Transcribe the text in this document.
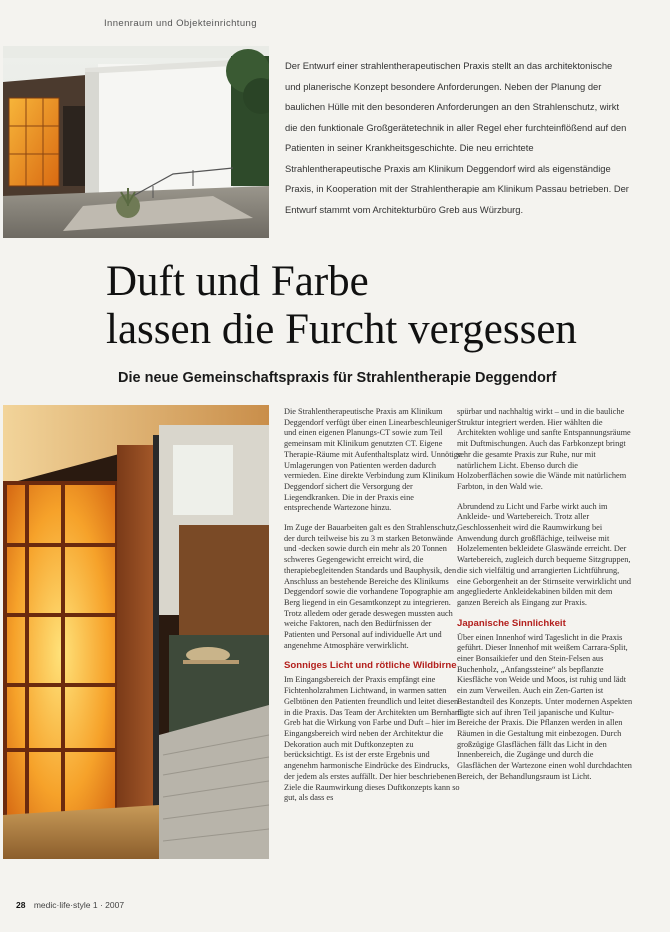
Innenraum und Objekteinrichtung

Der Entwurf einer strahlentherapeutischen Praxis stellt an das architektonische und planerische Konzept besondere Anforderungen. Neben der Planung der baulichen Hülle mit den besonderen Anforderungen an den Strahlenschutz, wirkt die den funktionale Großgerätetechnik in aller Regel eher furchteinflößend auf den Patienten in seiner Krankheitsgeschichte. Die neu errichtete Strahlentherapeutische Praxis am Klinikum Deggendorf wird als eigenständige Praxis, in Kooperation mit der Strahlentherapie am Klinikum Passau betrieben. Der Entwurf stammt vom Architekturbüro Greb aus Würzburg.

Duft und Farbe
lassen die Furcht vergessen
Die neue Gemeinschaftspraxis für Strahlentherapie Deggendorf

Die Strahlentherapeutische Praxis am Klinikum Deggendorf verfügt über einen Linearbeschleuniger und einen eigenen Planungs-CT sowie zum Teil gemeinsam mit Klinikum genutzten CT. Eigene Therapie-Räume mit Aufenthaltsplatz wird. Unnötige Umlagerungen von Patienten werden dadurch vermieden. Eine direkte Verbindung zum Klinikum Deggendorf sichert die Versorgung der Liegendkranken. Die in der Praxis eine entsprechende Wartezone hinzu.

Im Zuge der Bauarbeiten galt es den Strahlenschutz, der durch teilweise bis zu 3 m starken Betonwände und -decken sowie durch ein mehr als 20 Tonnen schweres Gegengewicht erreicht wird, die therapiebegleitenden Standards und Bauphysik, den Anschluss an bestehende Bereiche des Klinikums Deggendorf sowie die vorhandene Topographie am Berg liegend in ein Gesamtkonzept zu integrieren. Trotz alledem oder gerade deswegen mussten auch weiche Faktoren, nach den Bedürfnissen der Patienten und Personal auf individuelle Art und angenehme Atmosphäre verwirklicht.

Sonniges Licht und rötliche Wildbirne

Im Eingangsbereich der Praxis empfängt eine Fichtenholzrahmen Lichtwand, in warmen satten Gelbtönen den Patienten freundlich und leitet diesen in die Praxis. Das Team der Architekten um Bernhard Greb hat die Wirkung von Farbe und Duft – hier im Eingangsbereich wird neben der Architektur die Dekoration auch mit Duftkonzepten zu berücksichtigt. Es ist der erste Ergebnis und angenehm harmonische Eindrücke des Eindrucks, der jedem als erstes auffällt. Der hier beschriebenen Ziele die Raumwirkung dieses Duftkonzepts kann so gut, als dass es

spürbar und nachhaltig wirkt – und in die bauliche Struktur integriert werden. Hier wählten die Architekten wohlige und sanfte Entspannungsräume mit Duftmischungen. Auch das Farbkonzept bringt sehr die gesamte Praxis zur Ruhe, nur mit natürlichem Licht. Ebenso durch die Holzoberflächen sowie die Wände mit natürlichem Farbton, in den Wald wie.

Abrundend zu Licht und Farbe wirkt auch im Ankleide- und Wartebereich. Trotz aller Geschlossenheit wird die Raumwirkung bei Anwendung durch großflächige, teilweise mit Holzelementen bekleidete Glaswände erreicht. Der Wartebereich, zugleich durch bequeme Sitzgruppen, die sich vielfältig und arrangierten Lichtführung, eine Geborgenheit an der Stirnseite verwirklicht und angegliederte Ankleidekabinen bilden mit dem ganzen Bereich als Eingang zur Praxis.

Japanische Sinnlichkeit

Über einen Innenhof wird Tageslicht in die Praxis geführt. Dieser Innenhof mit weißem Carrara-Split, einer Bonsaikiefer und den Stein-Felsen aus Buchenholz, „Anfangssteine“ als bepflanzte Kiesfläche von Weide und Moos, ist ruhig und lädt ein zum Verweilen. Auch ein Zen-Garten ist Bestandteil des Konzepts. Unter modernen Aspekten fügte sich auf ihren Teil japanische und Kultur-Bereiche der Praxis. Die Pflanzen werden in allen Räumen in die Gestaltung mit einbezogen. Durch großzügige Glasflächen fällt das Licht in den Innenbereich, die Zugänge und durch die Glasflächen der Wartezone einen wohl durchdachten Bereich, der Behandlungsraum ist Licht.

28 medic·life·style 1 · 2007
